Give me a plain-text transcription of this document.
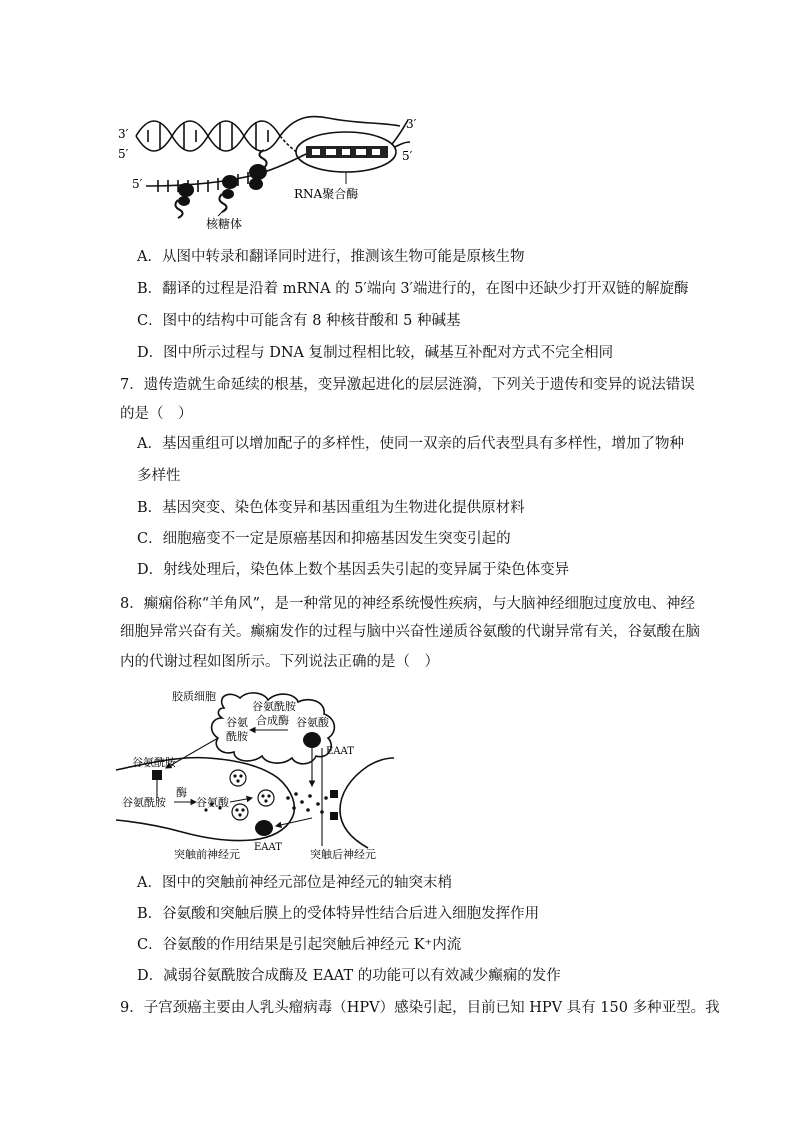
3′
5′
3′
5′
5′
RNA聚合酶
核糖体
A．从图中转录和翻译同时进行，推测该生物可能是原核生物
B．翻译的过程是沿着 mRNA 的 5′端向 3′端进行的，在图中还缺少打开双链的解旋酶
C．图中的结构中可能含有 8 种核苷酸和 5 种碱基
D．图中所示过程与 DNA 复制过程相比较，碱基互补配对方式不完全相同
7．遗传造就生命延续的根基，变异激起进化的层层涟漪，下列关于遗传和变异的说法错误
的是（　）
A．基因重组可以增加配子的多样性，使同一双亲的后代表型具有多样性，增加了物种
多样性
B．基因突变、染色体变异和基因重组为生物进化提供原材料
C．细胞癌变不一定是原癌基因和抑癌基因发生突变引起的
D．射线处理后，染色体上数个基因丢失引起的变异属于染色体变异
8．癫痫俗称“羊角风”，是一种常见的神经系统慢性疾病，与大脑神经细胞过度放电、神经
细胞异常兴奋有关。癫痫发作的过程与脑中兴奋性递质谷氨酸的代谢异常有关，谷氨酸在脑
内的代谢过程如图所示。下列说法正确的是（　）
胶质细胞
谷氨酰胺
合成酶
谷氨
酰胺
谷氨酸
EAAT
谷氨酰胺
谷氨酰胺
酶
谷氨酸
EAAT
突触前神经元	突触后神经元
A．图中的突触前神经元部位是神经元的轴突末梢
B．谷氨酸和突触后膜上的受体特异性结合后进入细胞发挥作用
C．谷氨酸的作用结果是引起突触后神经元 K⁺内流
D．减弱谷氨酰胺合成酶及 EAAT 的功能可以有效减少癫痫的发作
9．子宫颈癌主要由人乳头瘤病毒（HPV）感染引起，目前已知 HPV 具有 150 多种亚型。我
